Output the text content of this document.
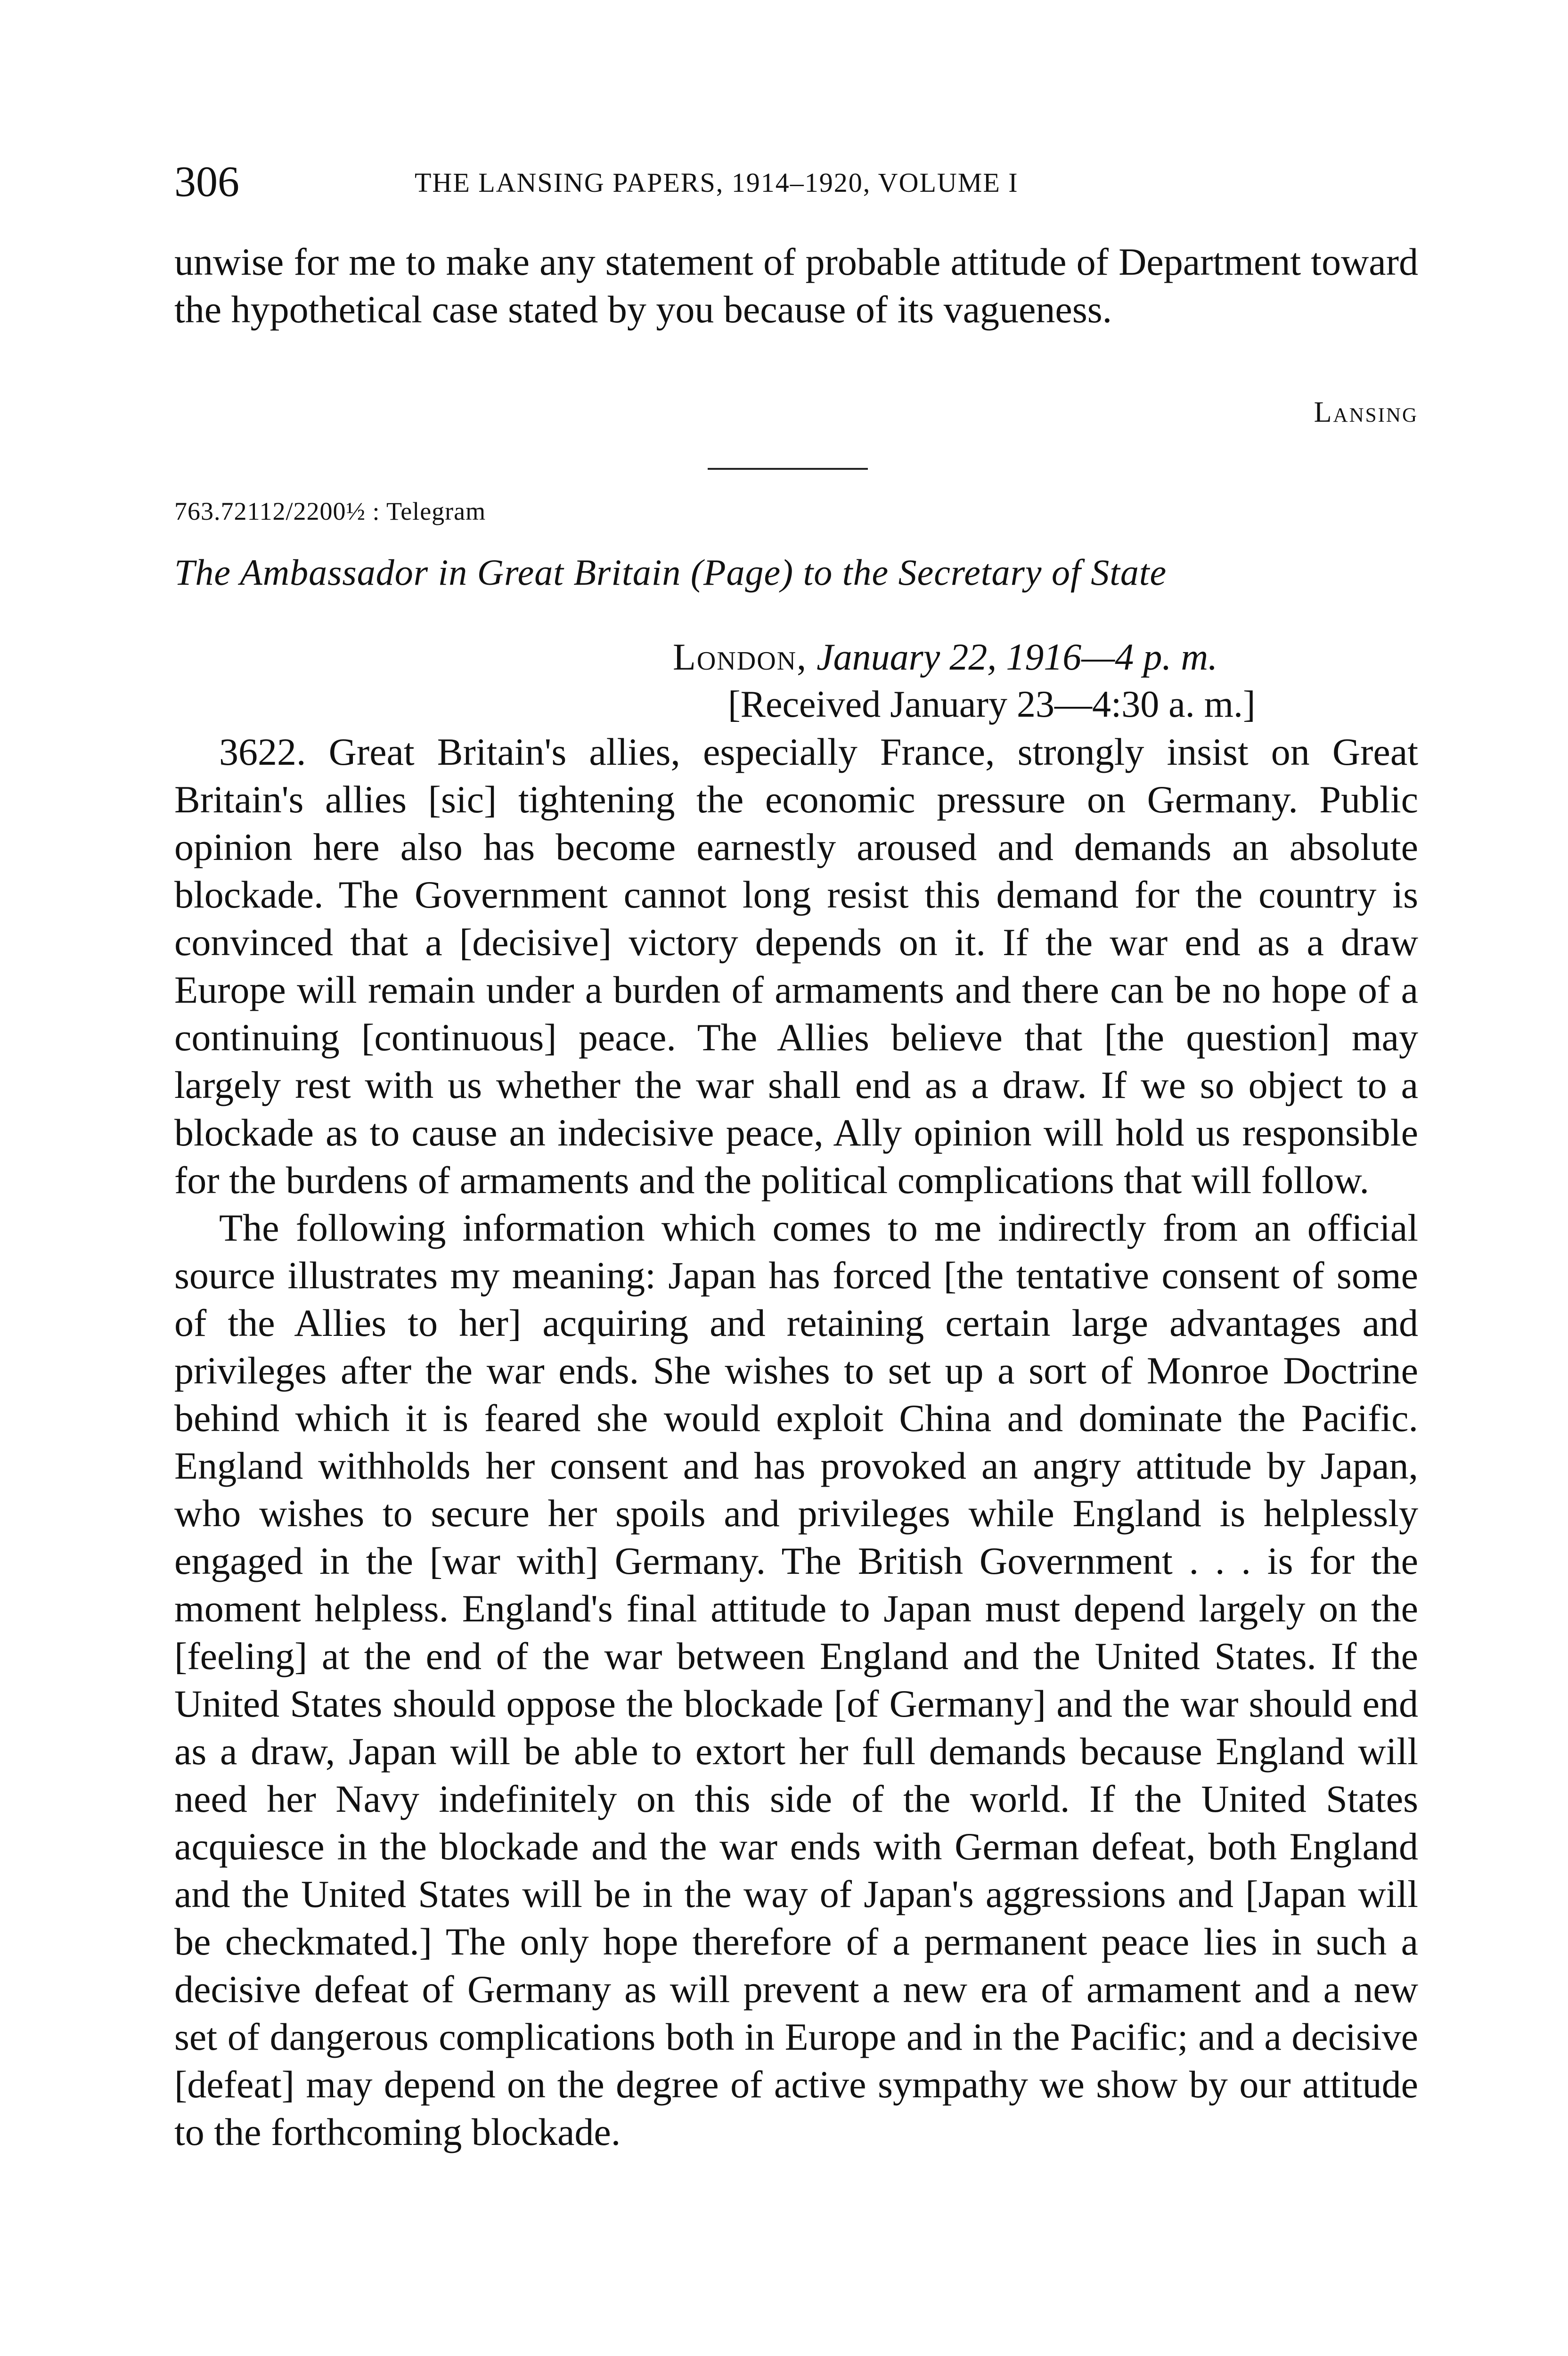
306	THE LANSING PAPERS, 1914–1920, VOLUME I
unwise for me to make any statement of probable attitude of Department toward the hypothetical case stated by you because of its vagueness.
Lansing
763.72112/2200½ : Telegram
The Ambassador in Great Britain (Page) to the Secretary of State
London, January 22, 1916—4 p. m.
[Received January 23—4:30 a. m.]

3622. Great Britain's allies, especially France, strongly insist on Great Britain's allies [sic] tightening the economic pressure on Germany. Public opinion here also has become earnestly aroused and demands an absolute blockade. The Government cannot long resist this demand for the country is convinced that a [decisive] victory depends on it. If the war end as a draw Europe will remain under a burden of armaments and there can be no hope of a continuing [continuous] peace. The Allies believe that [the question] may largely rest with us whether the war shall end as a draw. If we so object to a blockade as to cause an indecisive peace, Ally opinion will hold us responsible for the burdens of armaments and the political complications that will follow.

The following information which comes to me indirectly from an official source illustrates my meaning: Japan has forced [the tentative consent of some of the Allies to her] acquiring and retaining certain large advantages and privileges after the war ends. She wishes to set up a sort of Monroe Doctrine behind which it is feared she would exploit China and dominate the Pacific. England withholds her consent and has provoked an angry attitude by Japan, who wishes to secure her spoils and privileges while England is helplessly engaged in the [war with] Germany. The British Government . . . is for the moment helpless. England's final attitude to Japan must depend largely on the [feeling] at the end of the war between England and the United States. If the United States should oppose the blockade [of Germany] and the war should end as a draw, Japan will be able to extort her full demands because England will need her Navy indefinitely on this side of the world. If the United States acquiesce in the blockade and the war ends with German defeat, both England and the United States will be in the way of Japan's aggressions and [Japan will be checkmated.] The only hope therefore of a permanent peace lies in such a decisive defeat of Germany as will prevent a new era of armament and a new set of dangerous complications both in Europe and in the Pacific; and a decisive [defeat] may depend on the degree of active sympathy we show by our attitude to the forthcoming blockade.
